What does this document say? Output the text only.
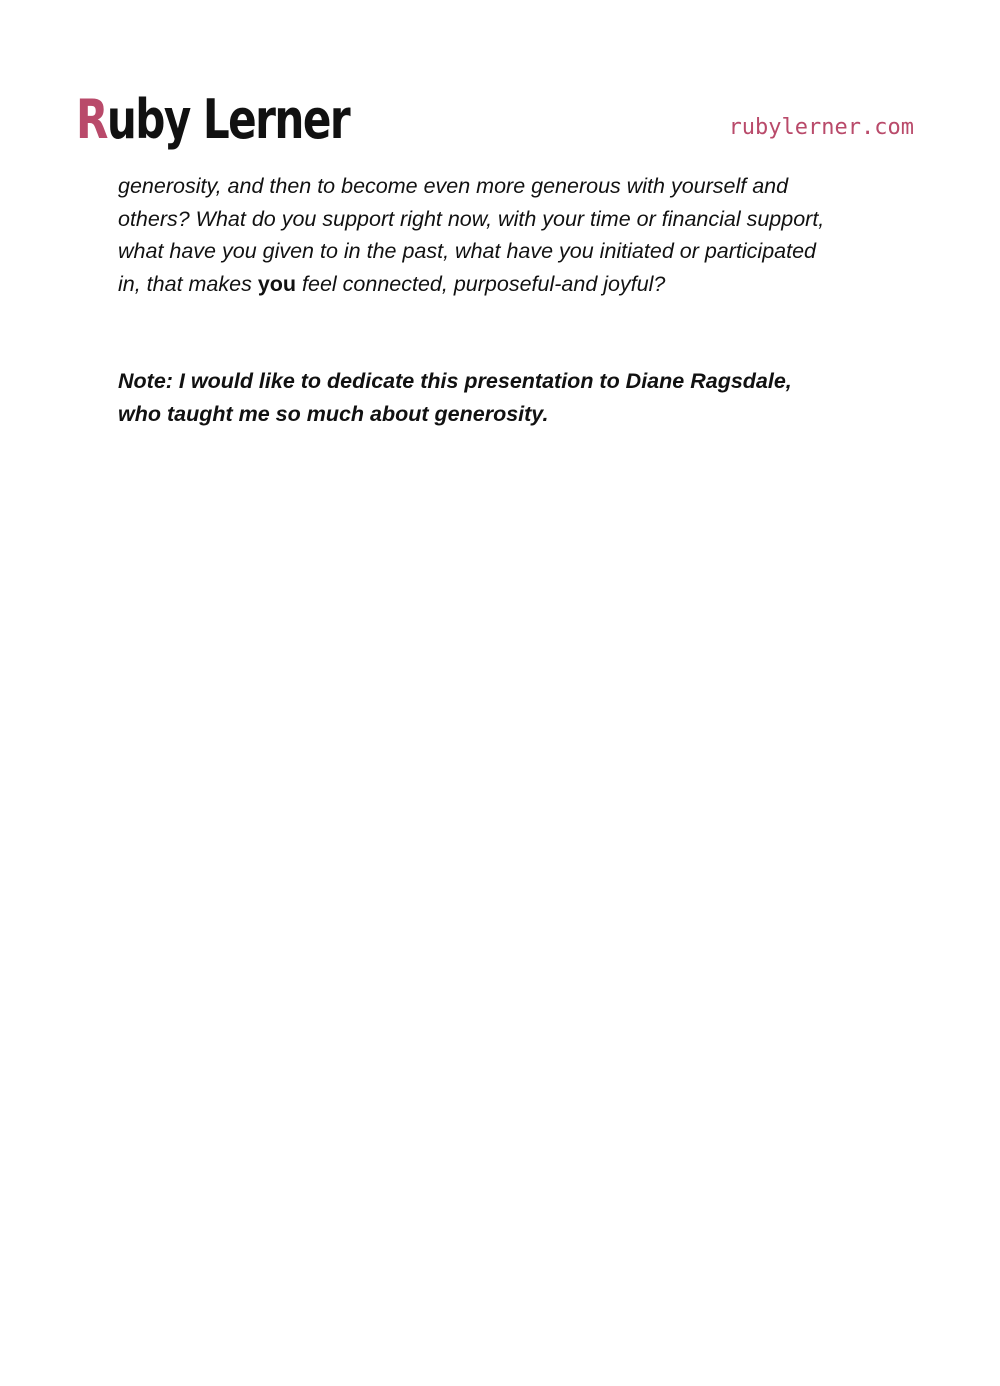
Ruby Lerner	rubylerner.com

generosity, and then to become even more generous with yourself and
others? What do you support right now, with your time or financial support,
what have you given to in the past, what have you initiated or participated
in, that makes you feel connected, purposeful-and joyful?

Note: I would like to dedicate this presentation to Diane Ragsdale,
who taught me so much about generosity.
